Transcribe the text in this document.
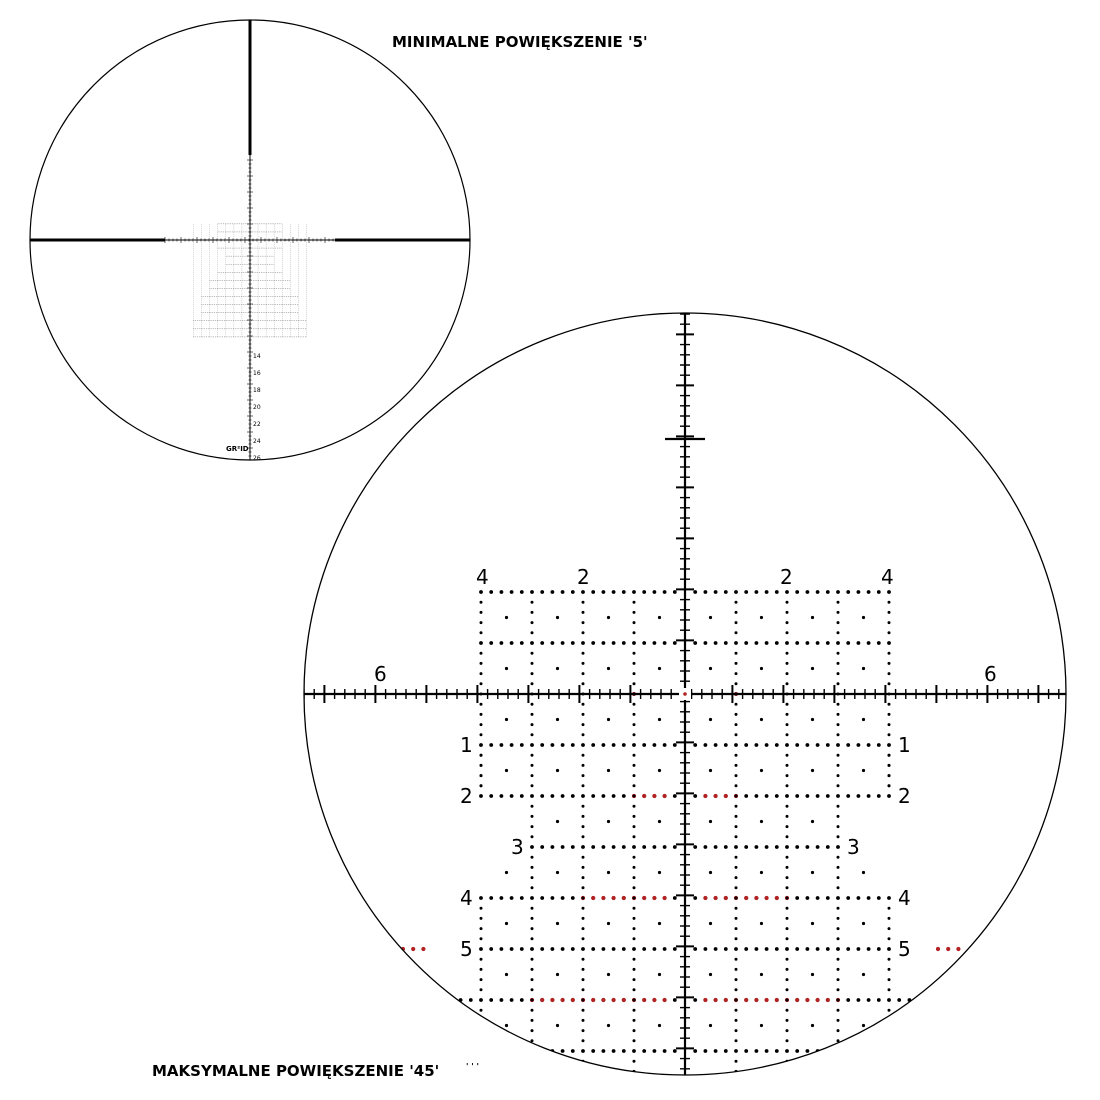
MINIMALNE POWIĘKSZENIE '5'
MAKSYMALNE POWIĘKSZENIE '45'	' ' '
14
16
18
20
22
24
26
GR²ID
4	2	2	4
6	6
1	1
2	2
3	3
4	4
5	5
